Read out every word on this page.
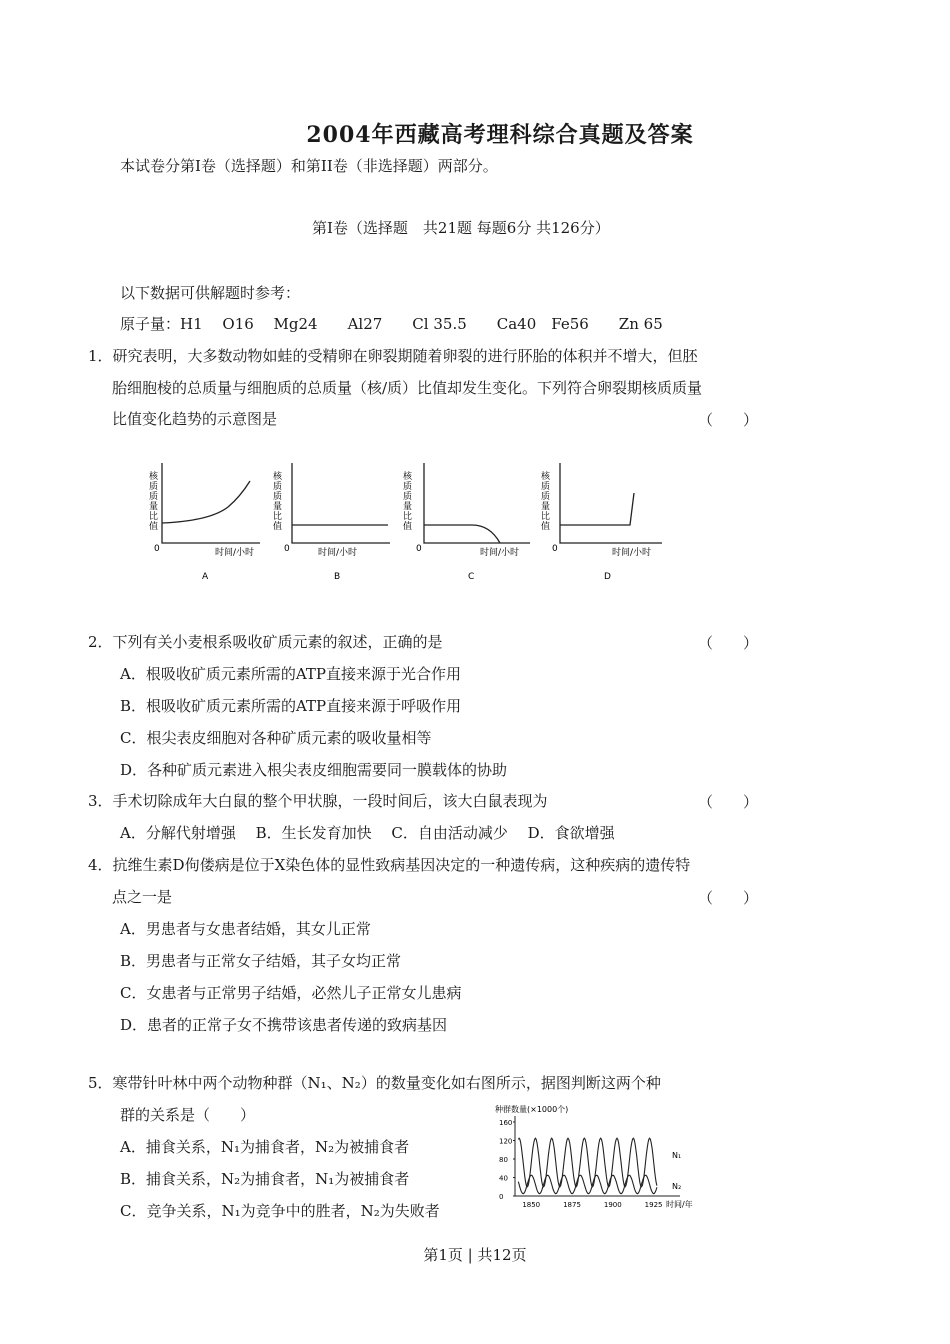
2004年西藏高考理科综合真题及答案
本试卷分第Ⅰ卷（选择题）和第II卷（非选择题）两部分。
第Ⅰ卷（选择题　共21题 每题6分 共126分）
以下数据可供解题时参考：
原子量：H1　 O16　 Mg24　　Al27　　Cl 35.5　　Ca40　Fe56　　Zn 65
1．研究表明，大多数动物如蛙的受精卵在卵裂期随着卵裂的进行肧胎的体积并不增大，但胚
胎细胞棱的总质量与细胞质的总质量（核/质）比值却发生变化。下列符合卵裂期核质质量
比值变化趋势的示意图是	（　　）
核质质量比值
0	时间/小时
A
核质质量比值
0	时间/小时
B
核质质量比值
0	时间/小时
C
核质质量比值
0	时间/小时
D
2．下列有关小麦根系吸收矿质元素的叙述，正确的是	（　　）
A．根吸收矿质元素所需的ATP直接来源于光合作用
B．根吸收矿质元素所需的ATP直接来源于呼吸作用
C．根尖表皮细胞对各种矿质元素的吸收量相等
D．各种矿质元素进入根尖表皮细胞需要同一膜载体的协助
3．手术切除成年大白鼠的整个甲状腺，一段时间后，该大白鼠表现为	（　　）
A．分解代射增强　 B．生长发育加快　 C．自由活动减少　 D．食欲增强
4．抗维生素D佝偻病是位于X染色体的显性致病基因决定的一种遗传病，这种疾病的遗传特
点之一是	（　　）
A．男患者与女患者结婚，其女儿正常
B．男患者与正常女子结婚，其子女均正常
C．女患者与正常男子结婚，必然儿子正常女儿患病
D．患者的正常子女不携带该患者传递的致病基因
5．寒带针叶林中两个动物种群（N₁、N₂）的数量变化如右图所示，据图判断这两个种
群的关系是（　　）
A．捕食关系，N₁为捕食者，N₂为被捕食者
B．捕食关系，N₂为捕食者，N₁为被捕食者
C．竞争关系，N₁为竞争中的胜者，N₂为失败者
种群数量(×1000个)
160
120
80
40
0
1850	1875	1900	1925
N₁
N₂
时间/年
第1页 | 共12页
